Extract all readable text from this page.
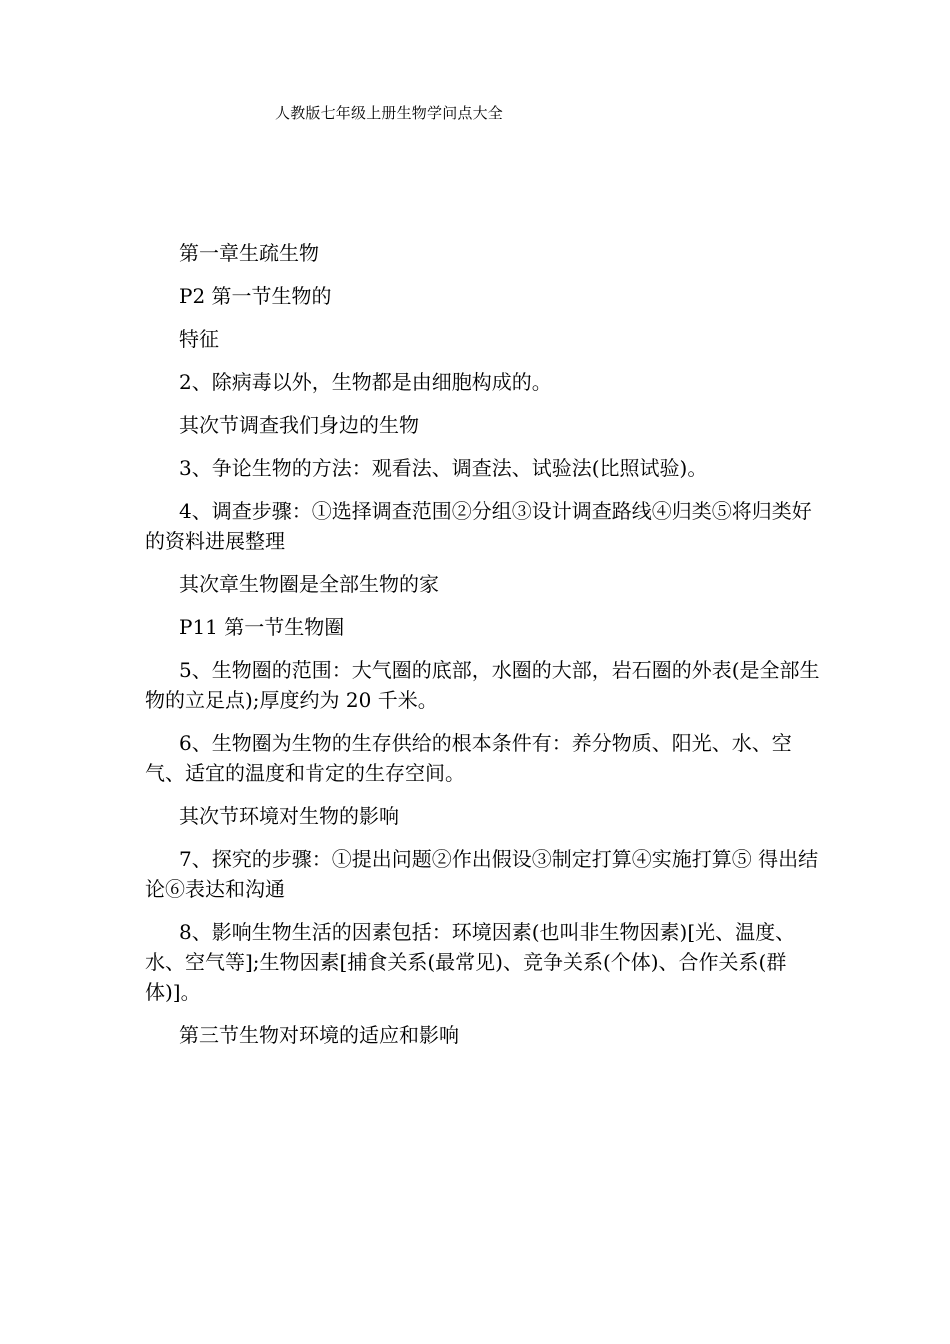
人教版七年级上册生物学问点大全

第一章生疏生物

P2 第一节生物的

特征

2、除病毒以外，生物都是由细胞构成的。

其次节调查我们身边的生物

3、争论生物的方法：观看法、调查法、试验法(比照试验)。

4、调查步骤：①选择调查范围②分组③设计调查路线④归类⑤将归类好的资料进展整理

其次章生物圈是全部生物的家

P11 第一节生物圈

5、生物圈的范围：大气圈的底部，水圈的大部，岩石圈的外表(是全部生物的立足点);厚度约为 20 千米。

6、生物圈为生物的生存供给的根本条件有：养分物质、阳光、水、空气、适宜的温度和肯定的生存空间。

其次节环境对生物的影响

7、探究的步骤：①提出问题②作出假设③制定打算④实施打算⑤ 得出结论⑥表达和沟通

8、影响生物生活的因素包括：环境因素(也叫非生物因素)[光、温度、水、空气等];生物因素[捕食关系(最常见)、竞争关系(个体)、合作关系(群体)]。

第三节生物对环境的适应和影响
